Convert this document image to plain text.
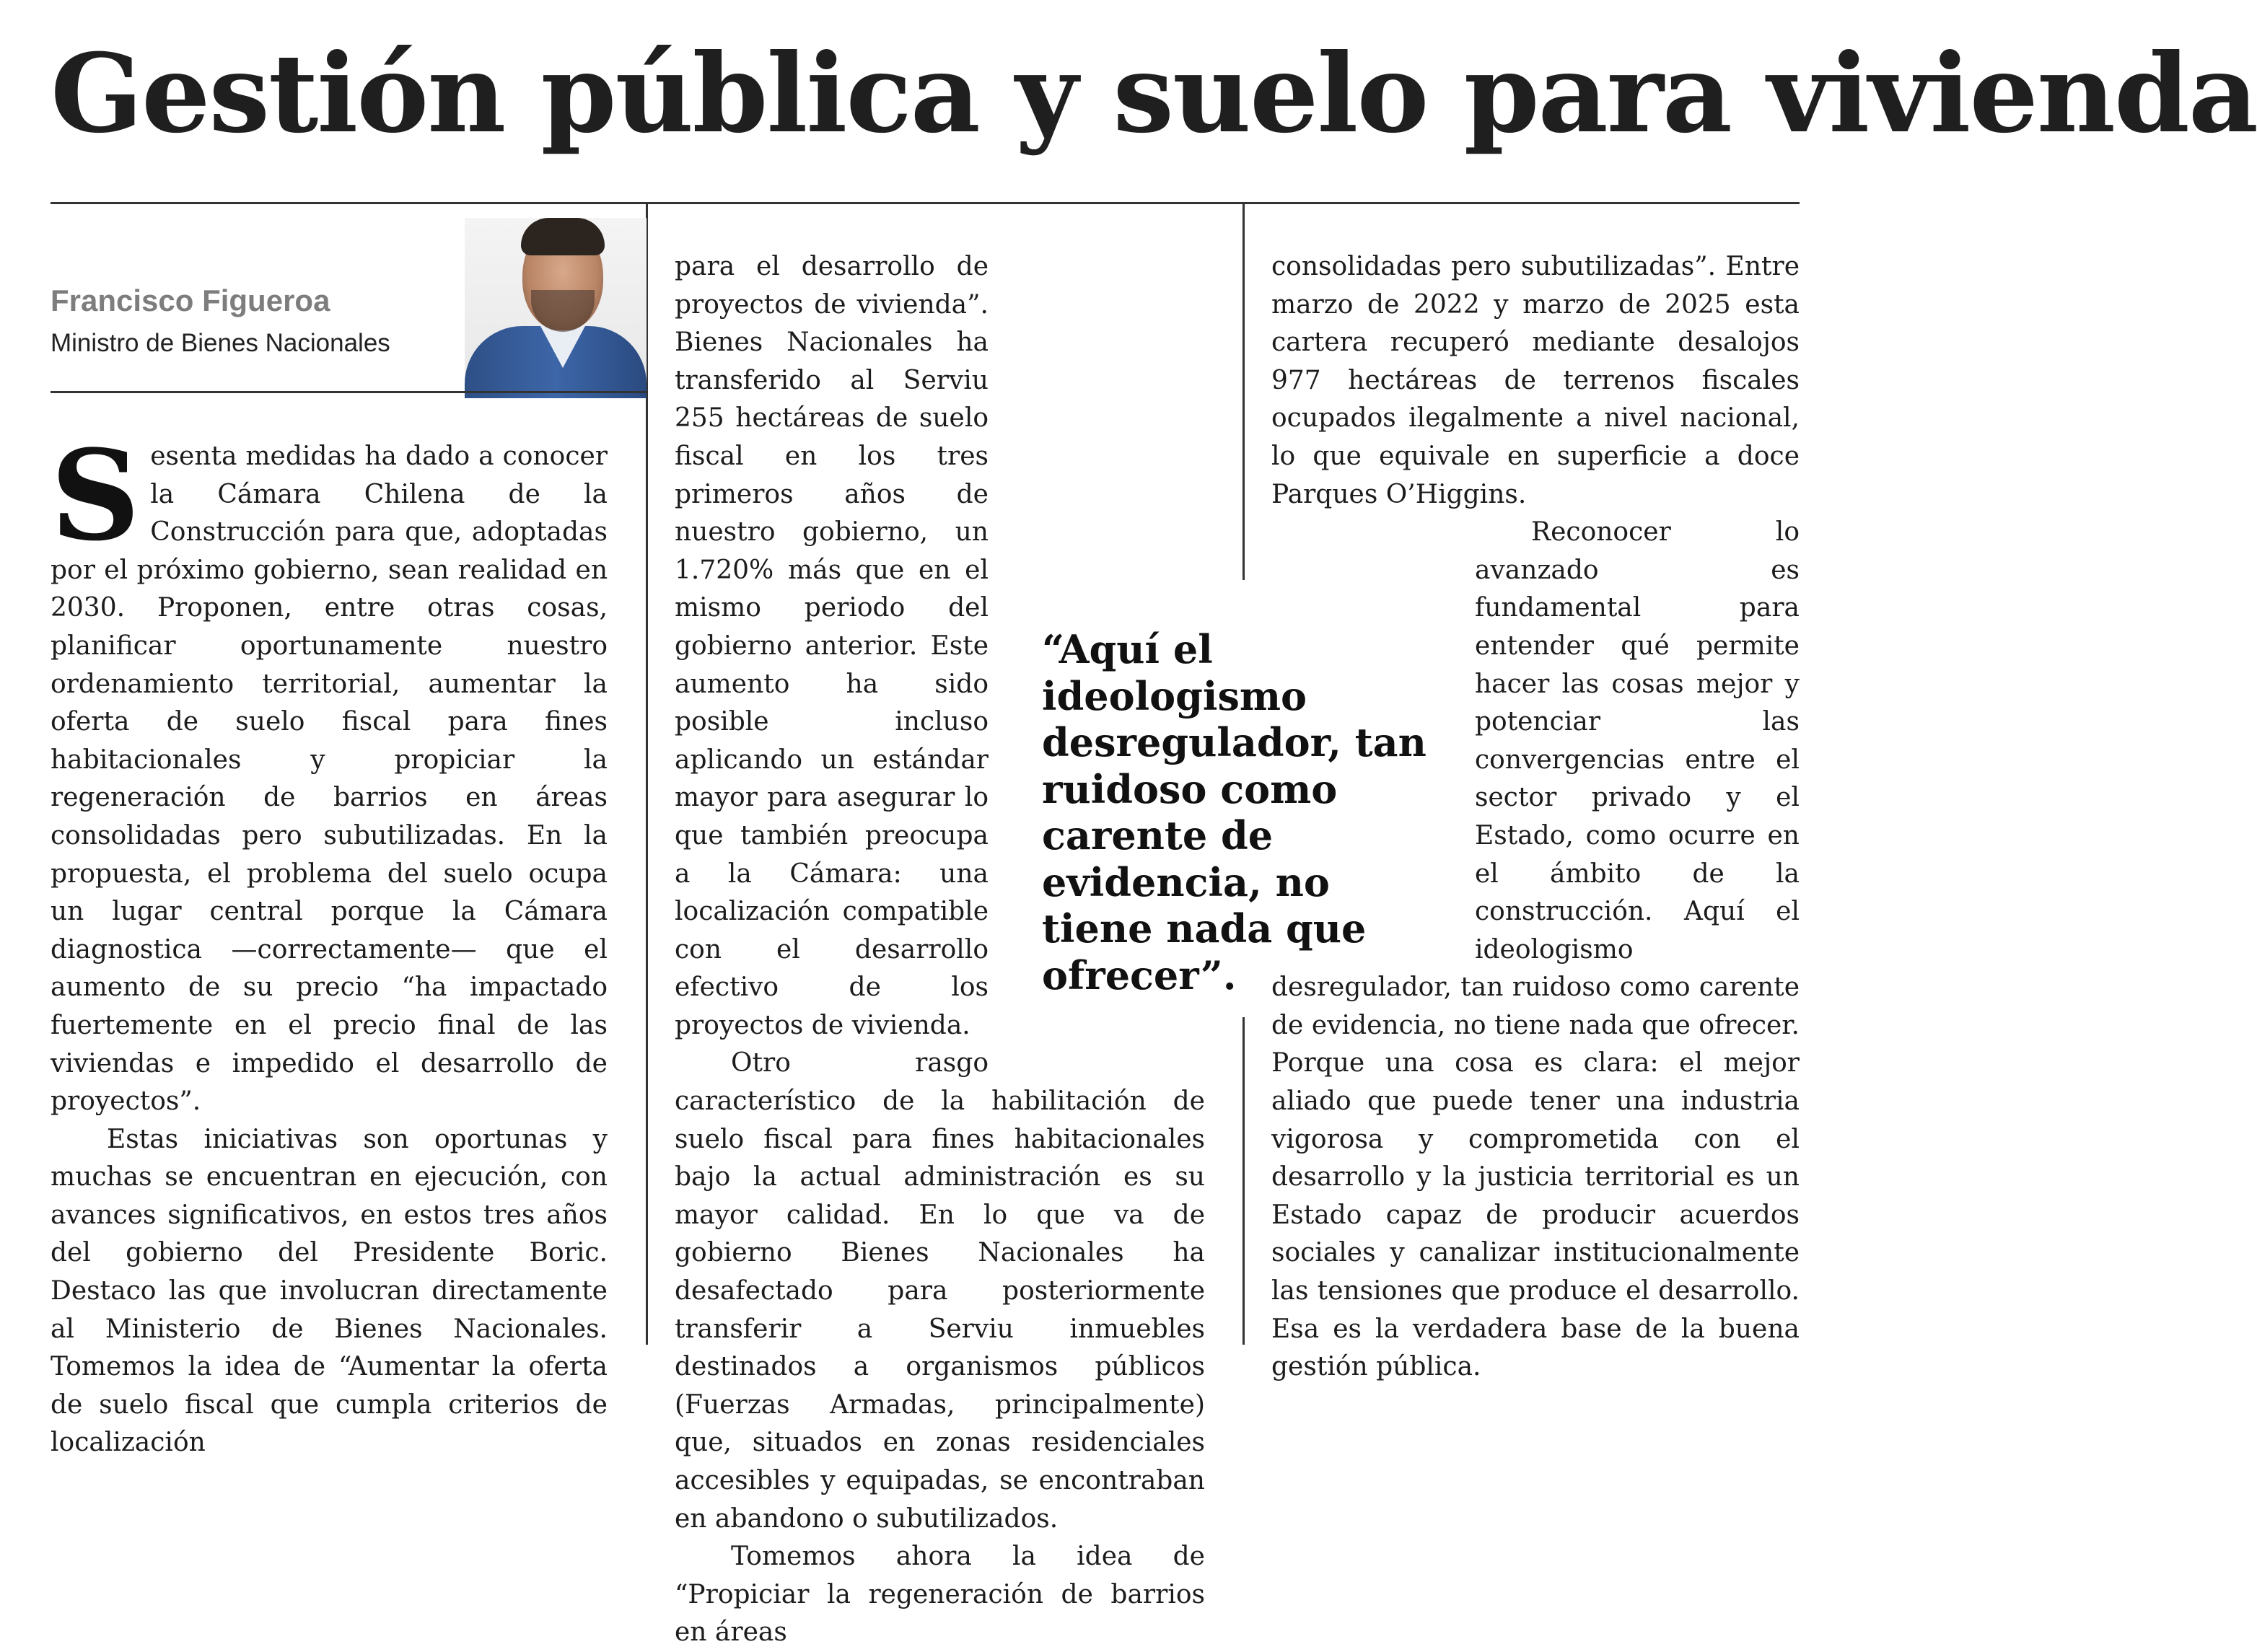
Gestión pública y suelo para vivienda
Francisco Figueroa
Ministro de Bienes Nacionales

Sesenta medidas ha dado a conocer la Cámara Chilena de la Construcción para que, adoptadas por el próximo gobierno, sean realidad en 2030. Proponen, entre otras cosas, planificar oportunamente nuestro ordenamiento territorial, aumentar la oferta de suelo fiscal para fines habitacionales y propiciar la regeneración de barrios en áreas consolidadas pero subutilizadas. En la propuesta, el problema del suelo ocupa un lugar central porque la Cámara diagnostica —correctamente— que el aumento de su precio “ha impactado fuertemente en el precio final de las viviendas e impedido el desarrollo de proyectos”.

Estas iniciativas son oportunas y muchas se encuentran en ejecución, con avances significativos, en estos tres años del gobierno del Presidente Boric. Destaco las que involucran directamente al Ministerio de Bienes Nacionales. Tomemos la idea de “Aumentar la oferta de suelo fiscal que cumpla criterios de localización

para el desarrollo de proyectos de vivienda”. Bienes Nacionales ha transferido al Serviu 255 hectáreas de suelo fiscal en los tres primeros años de nuestro gobierno, un 1.720% más que en el mismo periodo del gobierno anterior. Este aumento ha sido posible incluso aplicando un estándar mayor para asegurar lo que también preocupa a la Cámara: una localización compatible con el desarrollo efectivo de los proyectos de vivienda.

Otro rasgo característico de la habilitación de suelo fiscal para fines habitacionales bajo la actual administración es su mayor calidad. En lo que va de gobierno Bienes Nacionales ha desafectado para posteriormente transferir a Serviu inmuebles destinados a organismos públicos (Fuerzas Armadas, principalmente) que, situados en zonas residenciales accesibles y equipadas, se encontraban en abandono o subutilizados.

Tomemos ahora la idea de “Propiciar la regeneración de barrios en áreas

consolidadas pero subutilizadas”. Entre marzo de 2022 y marzo de 2025 esta cartera recuperó mediante desalojos 977 hectáreas de terrenos fiscales ocupados ilegalmente a nivel nacional, lo que equivale en superficie a doce Parques O’Higgins.

Reconocer lo avanzado es fundamental para entender qué permite hacer las cosas mejor y potenciar las convergencias entre el sector privado y el Estado, como ocurre en el ámbito de la construcción. Aquí el ideologismo desregulador, tan ruidoso como carente de evidencia, no tiene nada que ofrecer. Porque una cosa es clara: el mejor aliado que puede tener una industria vigorosa y comprometida con el desarrollo y la justicia territorial es un Estado capaz de producir acuerdos sociales y canalizar institucionalmente las tensiones que produce el desarrollo. Esa es la verdadera base de la buena gestión pública.

“Aquí el ideologismo desregulador, tan ruidoso como carente de evidencia, no tiene nada que ofrecer”.
